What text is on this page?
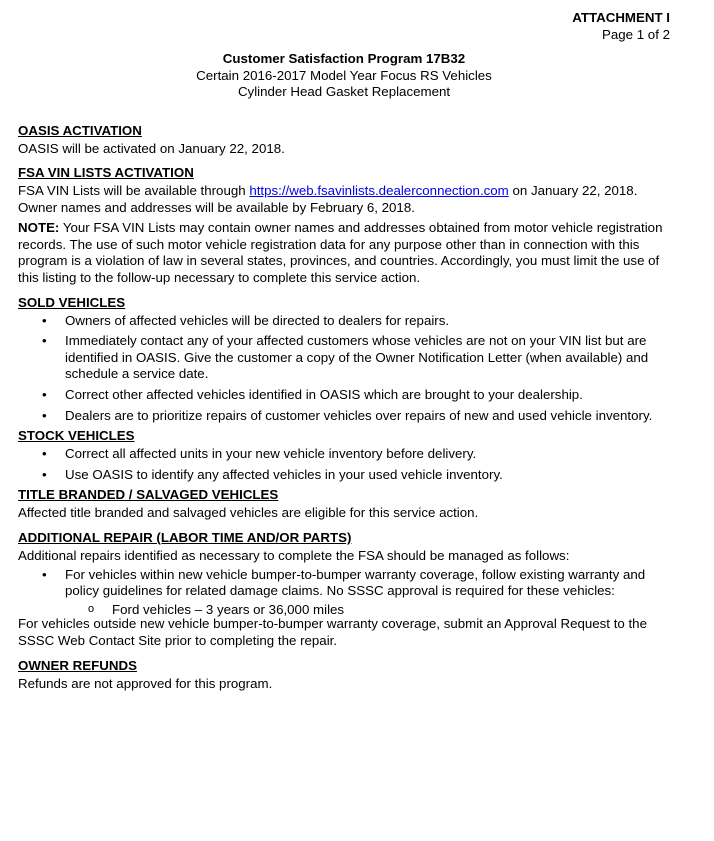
ATTACHMENT I
Page 1 of 2
Customer Satisfaction Program 17B32
Certain 2016-2017 Model Year Focus RS Vehicles
Cylinder Head Gasket Replacement
OASIS ACTIVATION

OASIS will be activated on January 22, 2018.

FSA VIN LISTS ACTIVATION

FSA VIN Lists will be available through https://web.fsavinlists.dealerconnection.com on January 22, 2018. Owner names and addresses will be available by February 6, 2018.

NOTE: Your FSA VIN Lists may contain owner names and addresses obtained from motor vehicle registration records. The use of such motor vehicle registration data for any purpose other than in connection with this program is a violation of law in several states, provinces, and countries. Accordingly, you must limit the use of this listing to the follow-up necessary to complete this service action.

SOLD VEHICLES
• Owners of affected vehicles will be directed to dealers for repairs.
• Immediately contact any of your affected customers whose vehicles are not on your VIN list but are identified in OASIS. Give the customer a copy of the Owner Notification Letter (when available) and schedule a service date.
• Correct other affected vehicles identified in OASIS which are brought to your dealership.
• Dealers are to prioritize repairs of customer vehicles over repairs of new and used vehicle inventory.
STOCK VEHICLES
• Correct all affected units in your new vehicle inventory before delivery.
• Use OASIS to identify any affected vehicles in your used vehicle inventory.
TITLE BRANDED / SALVAGED VEHICLES

Affected title branded and salvaged vehicles are eligible for this service action.

ADDITIONAL REPAIR (LABOR TIME AND/OR PARTS)

Additional repairs identified as necessary to complete the FSA should be managed as follows:

• For vehicles within new vehicle bumper-to-bumper warranty coverage, follow existing warranty and policy guidelines for related damage claims. No SSSC approval is required for these vehicles:
o Ford vehicles – 3 years or 36,000 miles

For vehicles outside new vehicle bumper-to-bumper warranty coverage, submit an Approval Request to the SSSC Web Contact Site prior to completing the repair.

OWNER REFUNDS

Refunds are not approved for this program.
